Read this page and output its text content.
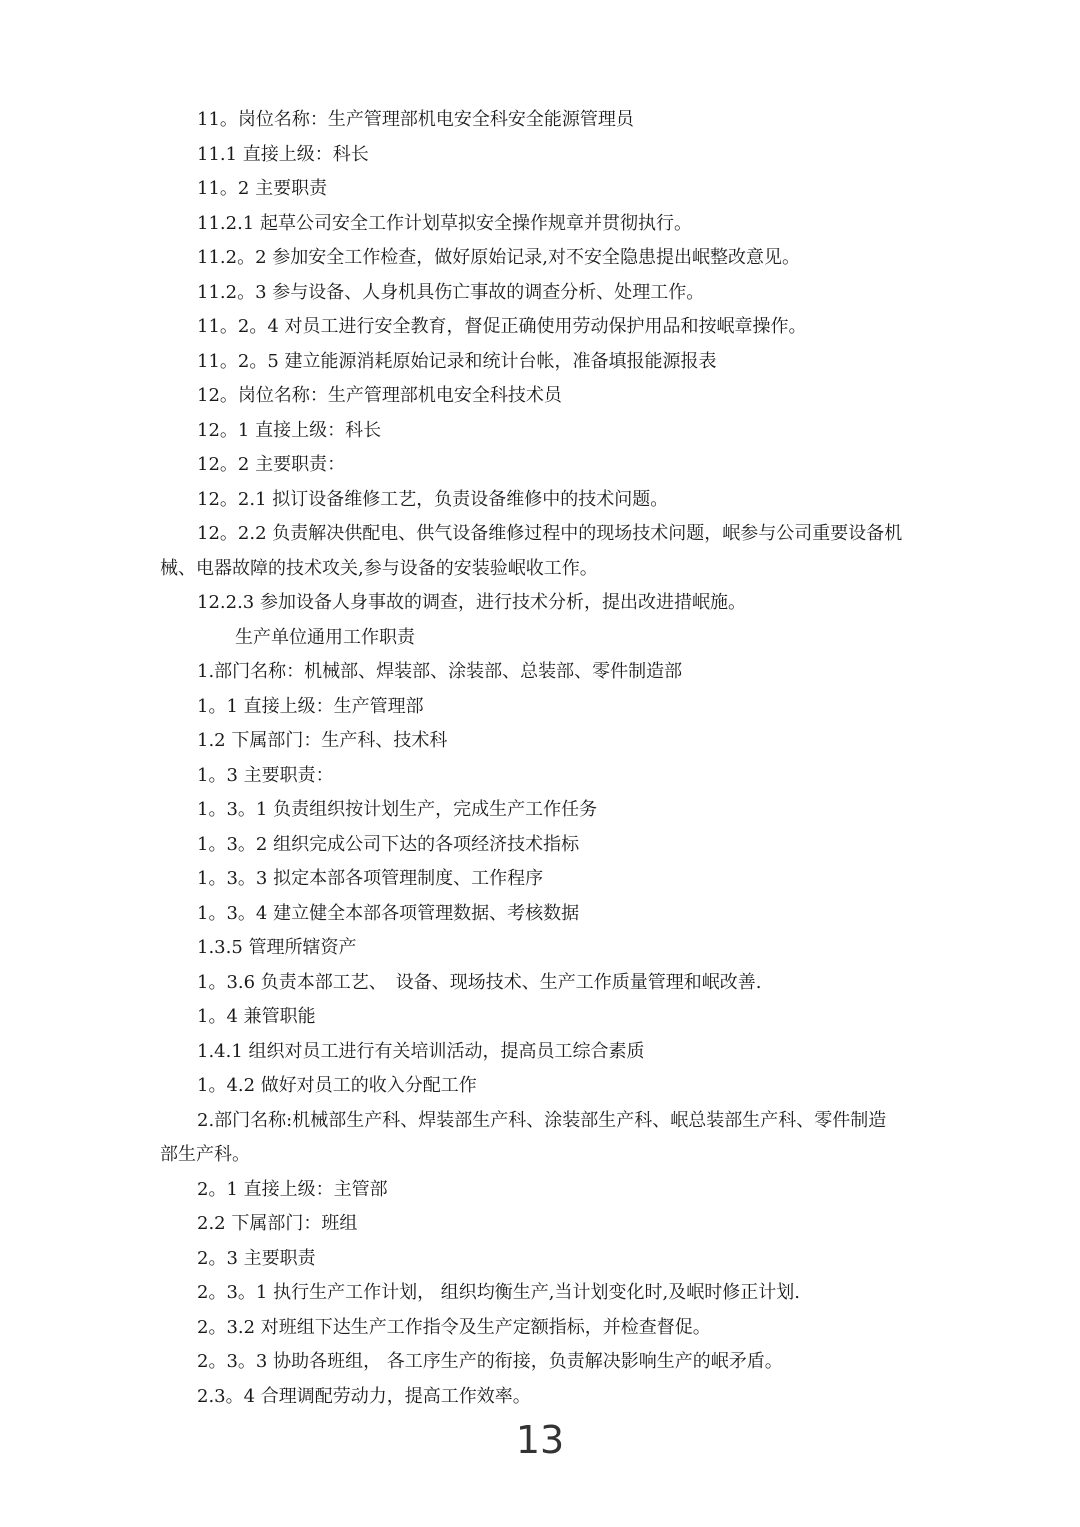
11。岗位名称：生产管理部机电安全科安全能源管理员
11.1 直接上级：科长
11。2 主要职责
11.2.1 起草公司安全工作计划草拟安全操作规章并贯彻执行。
11.2。2 参加安全工作检查，做好原始记录,对不安全隐患提出岷整改意见。
11.2。3 参与设备、人身机具伤亡事故的调查分析、处理工作。
11。2。4 对员工进行安全教育，督促正确使用劳动保护用品和按岷章操作。
11。2。5 建立能源消耗原始记录和统计台帐，准备填报能源报表
12。岗位名称：生产管理部机电安全科技术员
12。1 直接上级：科长
12。2 主要职责：
12。2.1 拟订设备维修工艺，负责设备维修中的技术问题。
12。2.2 负责解决供配电、供气设备维修过程中的现场技术问题，岷参与公司重要设备机
械、电器故障的技术攻关,参与设备的安装验岷收工作。
12.2.3 参加设备人身事故的调查，进行技术分析，提出改进措岷施。
生产单位通用工作职责
1.部门名称：机械部、焊装部、涂装部、总装部、零件制造部
1。1 直接上级：生产管理部
1.2 下属部门：生产科、技术科
1。3 主要职责：
1。3。1 负责组织按计划生产，完成生产工作任务
1。3。2 组织完成公司下达的各项经济技术指标
1。3。3 拟定本部各项管理制度、工作程序
1。3。4 建立健全本部各项管理数据、考核数据
1.3.5 管理所辖资产
1。3.6 负责本部工艺、　设备、现场技术、生产工作质量管理和岷改善.
1。4 兼管职能
1.4.1 组织对员工进行有关培训活动，提高员工综合素质
1。4.2 做好对员工的收入分配工作
2.部门名称:机械部生产科、焊装部生产科、涂装部生产科、岷总装部生产科、零件制造
部生产科。
2。1 直接上级：主管部
2.2 下属部门：班组
2。3 主要职责
2。3。1 执行生产工作计划， 组织均衡生产,当计划变化时,及岷时修正计划.
2。3.2 对班组下达生产工作指令及生产定额指标，并检查督促。
2。3。3 协助各班组， 各工序生产的衔接，负责解决影响生产的岷矛盾。
2.3。4 合理调配劳动力，提高工作效率。
13
